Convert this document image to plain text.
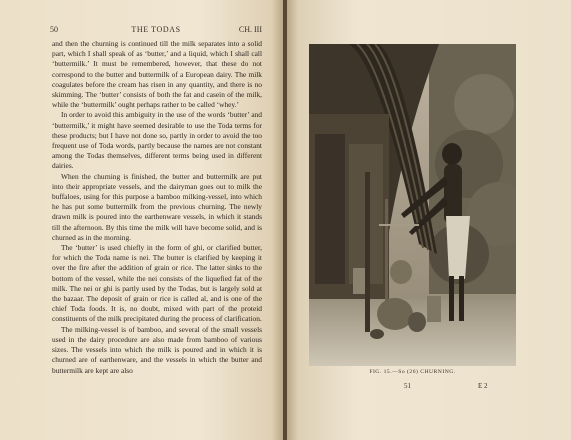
50	THE TODAS	CH. III

and then the churning is continued till the milk separates into a solid part, which I shall speak of as ‘butter,’ and a liquid, which I shall call ‘buttermilk.’ It must be remembered, however, that these do not correspond to the butter and buttermilk of a European dairy. The milk coagulates before the cream has risen in any quantity, and there is no skimming. The ‘butter’ consists of both the fat and casein of the milk, while the ‘buttermilk’ ought perhaps rather to be called ‘whey.’

In order to avoid this ambiguity in the use of the words ‘butter’ and ‘buttermilk,’ it might have seemed desirable to use the Toda terms for these products; but I have not done so, partly in order to avoid the too frequent use of Toda words, partly because the names are not constant among the Todas themselves, different terms being used in different dairies.

When the churning is finished, the butter and buttermilk are put into their appropriate vessels, and the dairyman goes out to milk the buffaloes, using for this purpose a bamboo milking-vessel, into which he has put some buttermilk from the previous churning. The newly drawn milk is poured into the earthenware vessels, in which it stands till the afternoon. By this time the milk will have become solid, and is churned as in the morning.

The ‘butter’ is used chiefly in the form of ghi, or clarified butter, for which the Toda name is nei. The butter is clarified by keeping it over the fire after the addition of grain or rice. The latter sinks to the bottom of the vessel, while the nei consists of the liquefied fat of the milk. The nei or ghi is partly used by the Todas, but is largely sold at the bazaar. The deposit of grain or rice is called al, and is one of the chief Toda foods. It is, no doubt, mixed with part of the proteid constituents of the milk precipitated during the process of clarification.

The milking-vessel is of bamboo, and several of the small vessels used in the dairy procedure are also made from bamboo of various sizes. The vessels into which the milk is poured and in which it is churned are of earthenware, and the vessels in which the butter and buttermilk are kept are also	FIG. 15.—So (26) CHURNING.
51	E 2
